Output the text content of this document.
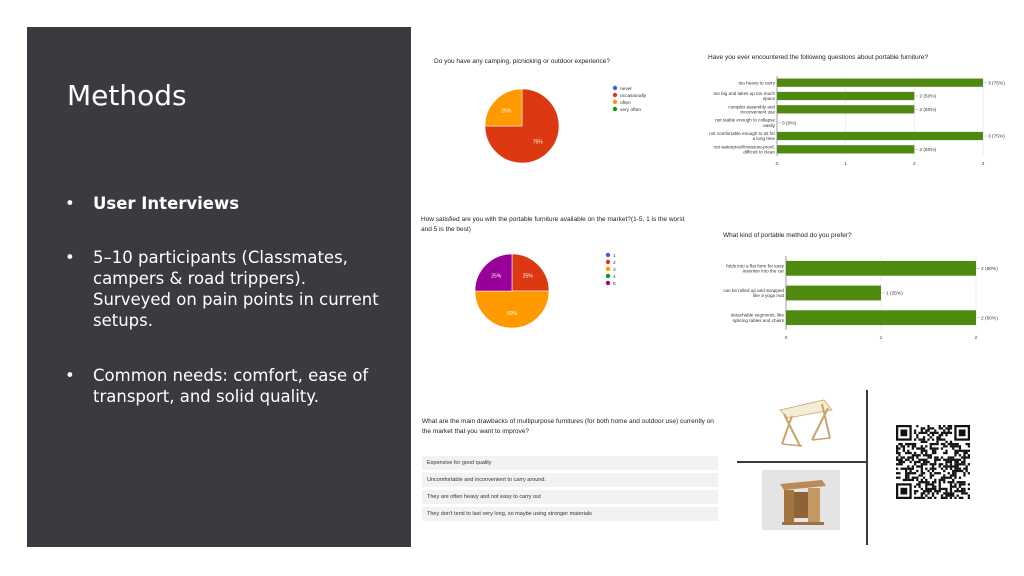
Methods
• User Interviews
• 5–10 participants (Classmates, campers & road trippers). Surveyed on pain points in current setups.
• Common needs: comfort, ease of transport, and solid quality.
Do you have any camping, picnicking or outdoor experience?
75%
25%
never
occasionally
often
very often
Have you ever encountered the following questions about portable furniture?
0	1	2	3
too heavy to carry	3 (75%)
too big and takes up too much space	2 (50%)
complex assembly and inconvenient use	2 (50%)
not stable enough to collapse easily 0 (0%)
not comfortable enough to sit for a long time	3 (75%)
not waterproof/moisture-proof, difficult to clean	2 (50%)
How satisfied are you with the portable furniture available on the market?(1-5, 1 is the worst and 5 is the best)
25%
50%
25%
1
2
3
4
5
What kind of portable method do you prefer?
0	1	2
folds into a flat form for easy insertion into the car	2 (50%)
can be rolled up and strapped like a yoga mat	1 (25%)
detachable segments, like splicing tables and chairs	2 (50%)
What are the main drawbacks of multipurpose furnitures (for both home and outdoor use) currently on the market that you want to improve?
Expensive for good quality
Uncomfortable and inconvenient to carry around.
They are often heavy and not easy to carry out
They don't tend to last very long, so maybe using stronger materials
